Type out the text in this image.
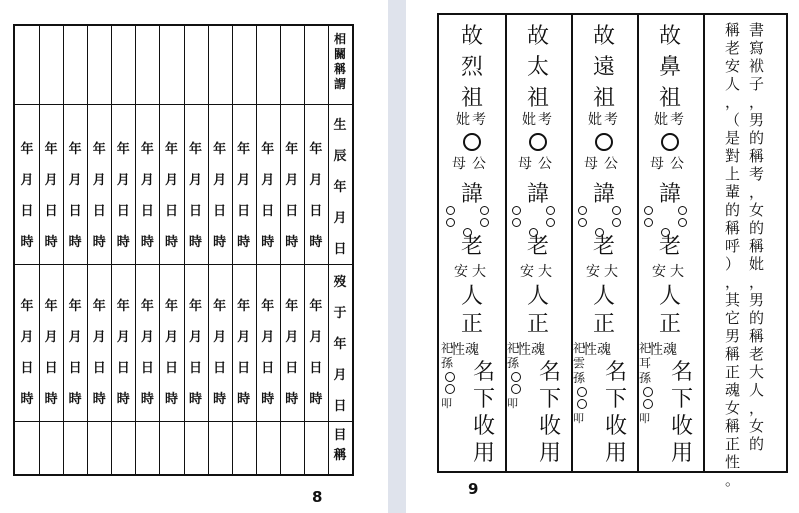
年
月
日
時
年
月
日
時
年
月
日
時
年
月
日
時
年
月
日
時
年
月
日
時
年
月
日
時
年
月
日
時
年
月
日
時
年
月
日
時
年
月
日
時
年
月
日
時
年
月
日
時
年
月
日
時
年
月
日
時
年
月
日
時
年
月
日
時
年
月
日
時
年
月
日
時
年
月
日
時
年
月
日
時
年
月
日
時
年
月
日
時
年
月
日
時
年
月
日
時
年
月
日
時
相
關
稱
謂
生
辰
年
月
日
歿
于
年
月
日
目
稱
8
故
烈
祖
妣考
母公
諱
老
安大
人
正
性魂
祀
孫
叩
名
下
收
用
故
太
祖
妣考
母公
諱
老
安大
人
正
性魂
祀
孫
叩
名
下
收
用
故
遠
祖
妣考
母公
諱
老
安大
人
正
性魂
祀
雲
孫
叩
名
下
收
用
故
鼻
祖
妣考
母公
諱
老
安大
人
正
性魂
祀
耳
孫
叩
名
下
收
用
書
寫
袱
子
，
男
的
稱
考
，
女
的
稱
妣
，
男
的
稱
老
大
人
，
女
的
稱
老
安
人
，
（
是
對
上
輩
的
稱
呼
）
，
其
它
男
稱
正
魂
女
稱
正
性
。
9
